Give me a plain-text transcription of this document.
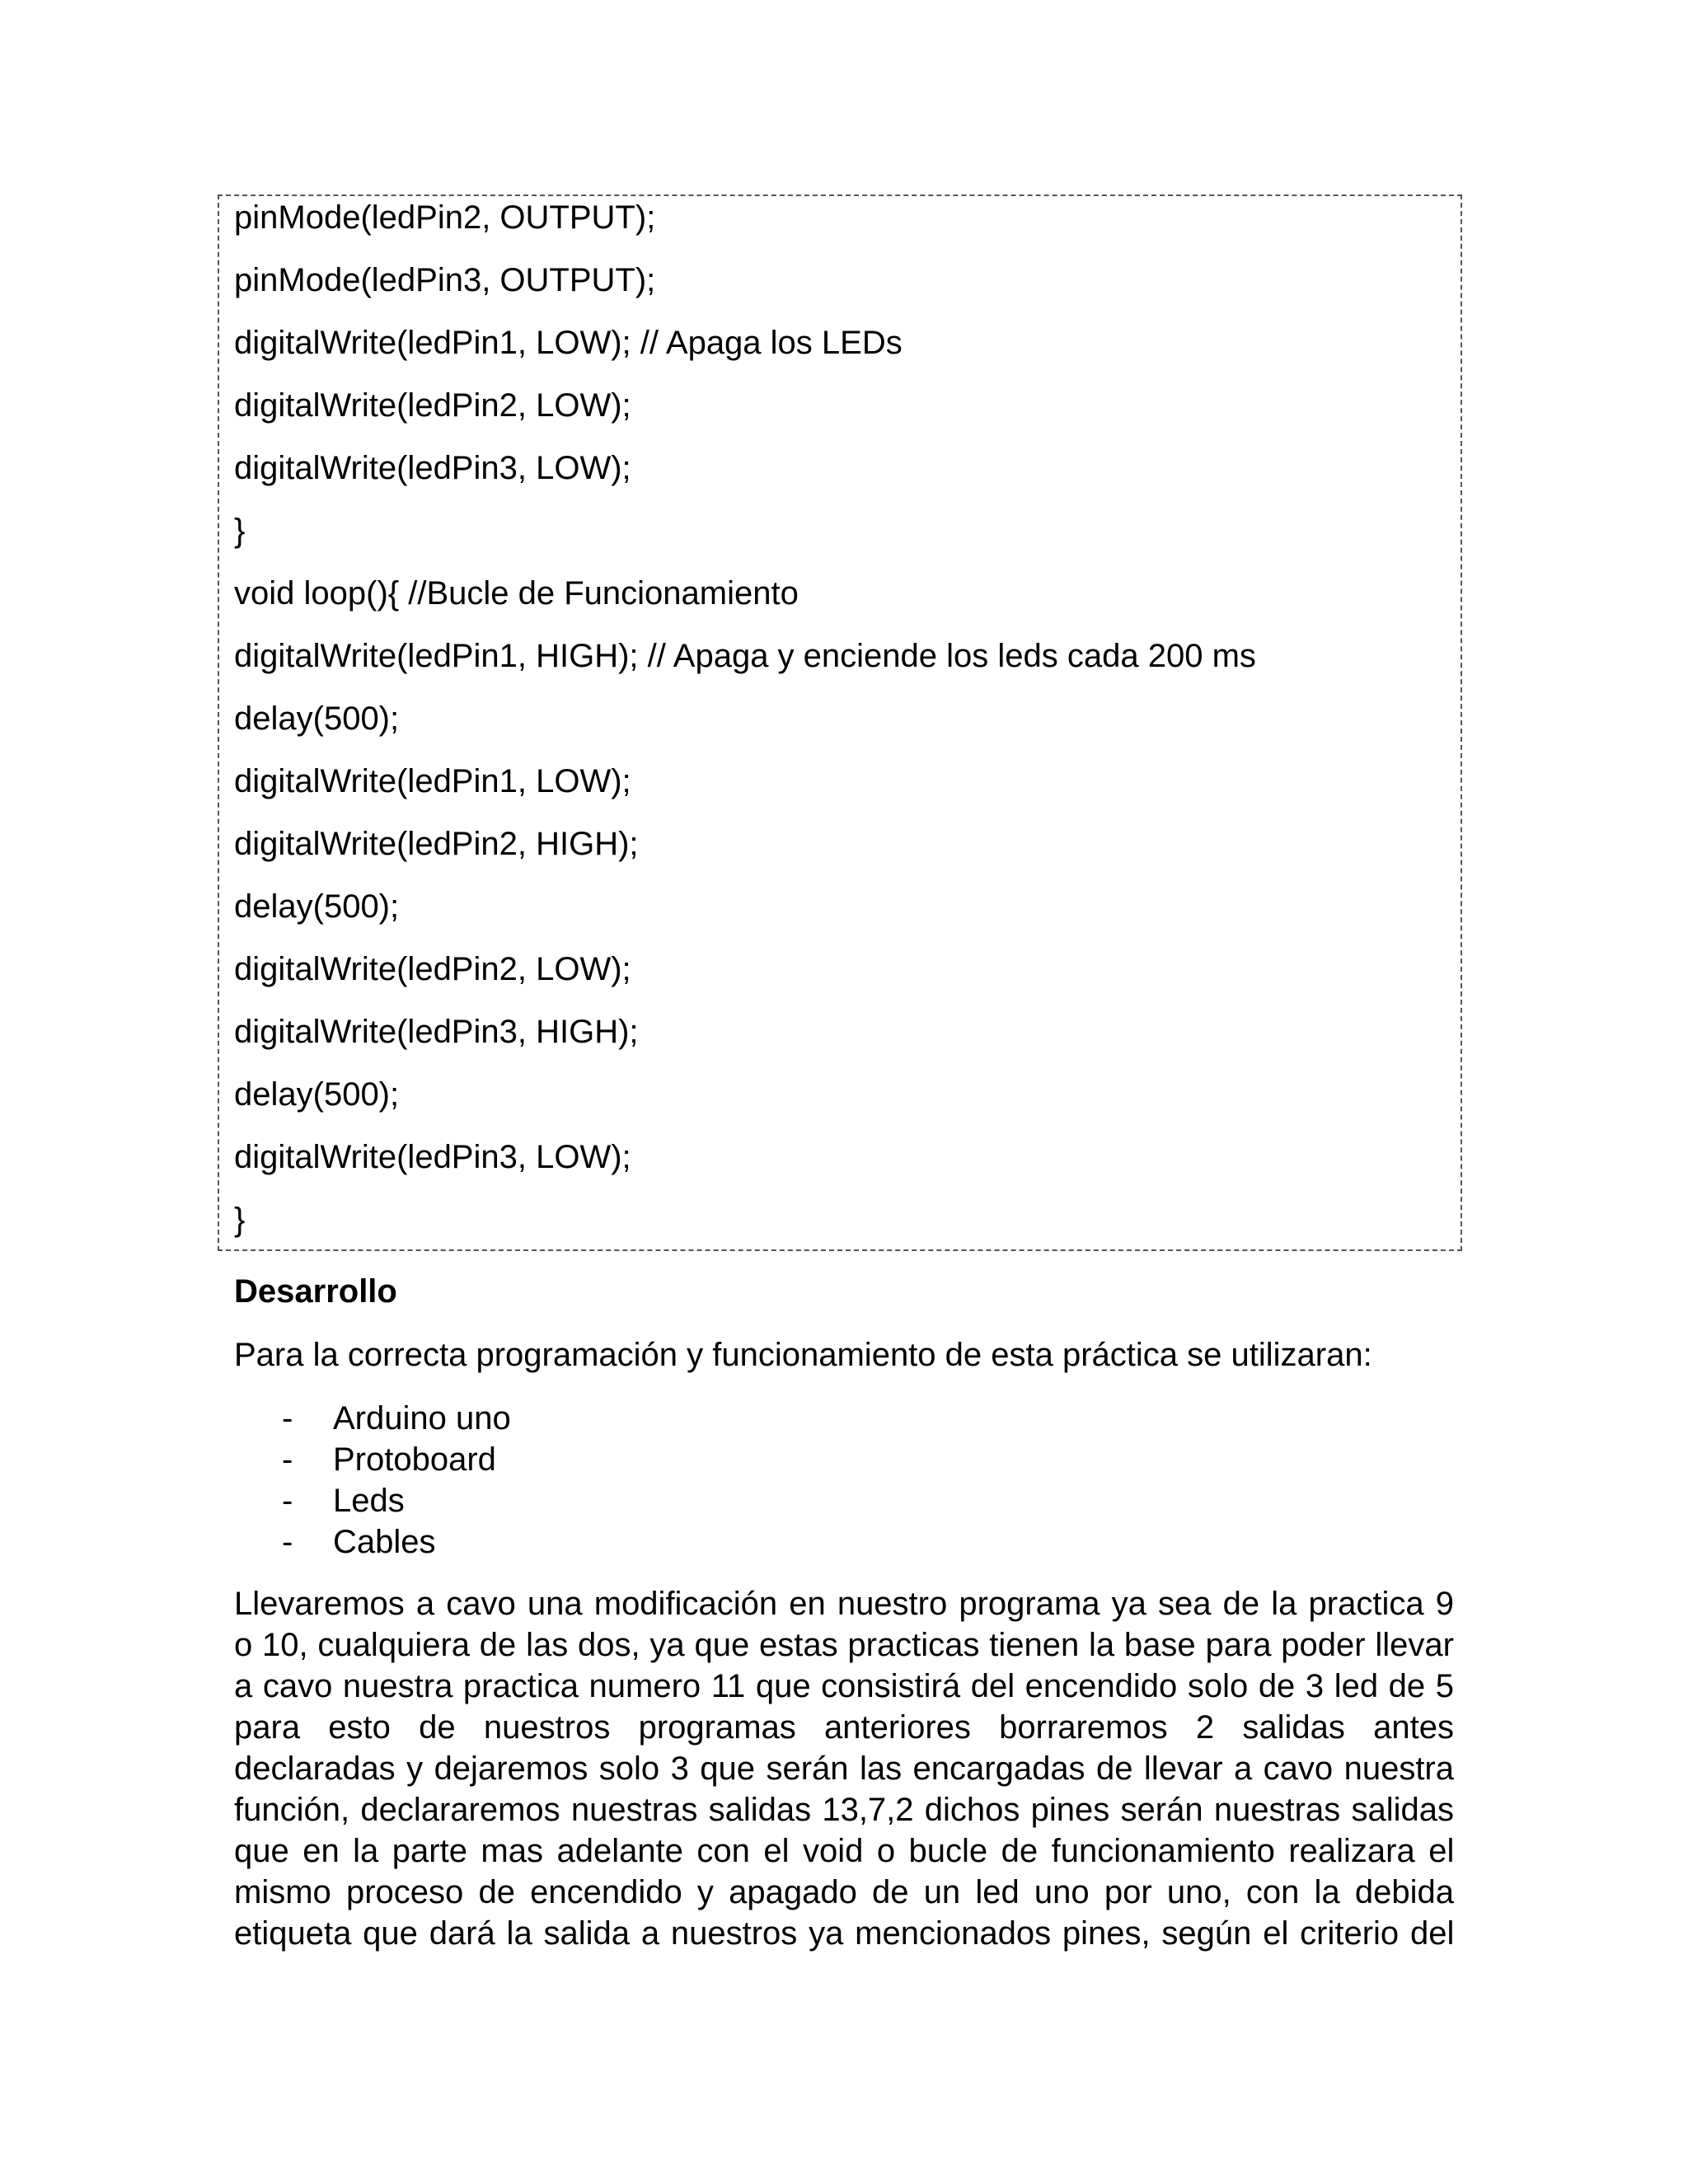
pinMode(ledPin2, OUTPUT);

pinMode(ledPin3, OUTPUT);

digitalWrite(ledPin1, LOW); // Apaga los LEDs

digitalWrite(ledPin2, LOW);

digitalWrite(ledPin3, LOW);

}

void loop(){ //Bucle de Funcionamiento

digitalWrite(ledPin1, HIGH); // Apaga y enciende los leds cada 200 ms

delay(500);

digitalWrite(ledPin1, LOW);

digitalWrite(ledPin2, HIGH);

delay(500);

digitalWrite(ledPin2, LOW);

digitalWrite(ledPin3, HIGH);

delay(500);

digitalWrite(ledPin3, LOW);

}

Desarrollo

Para la correcta programación y funcionamiento de esta práctica se utilizaran:

- Arduino uno
- Protoboard
- Leds
- Cables

Llevaremos a cavo una modificación en nuestro programa ya sea de la practica 9

o 10, cualquiera de las dos, ya que estas practicas tienen la base para poder llevar

a cavo nuestra practica numero 11 que consistirá del encendido solo de 3 led de 5

para esto de nuestros programas anteriores borraremos 2 salidas antes

declaradas y dejaremos solo 3 que serán las encargadas de llevar a cavo nuestra

función, declararemos nuestras salidas 13,7,2 dichos pines serán nuestras salidas

que en la parte mas adelante con el void o bucle de funcionamiento realizara el

mismo proceso de encendido y apagado de un led uno por uno, con la debida

etiqueta que dará la salida a nuestros ya mencionados pines, según el criterio del
